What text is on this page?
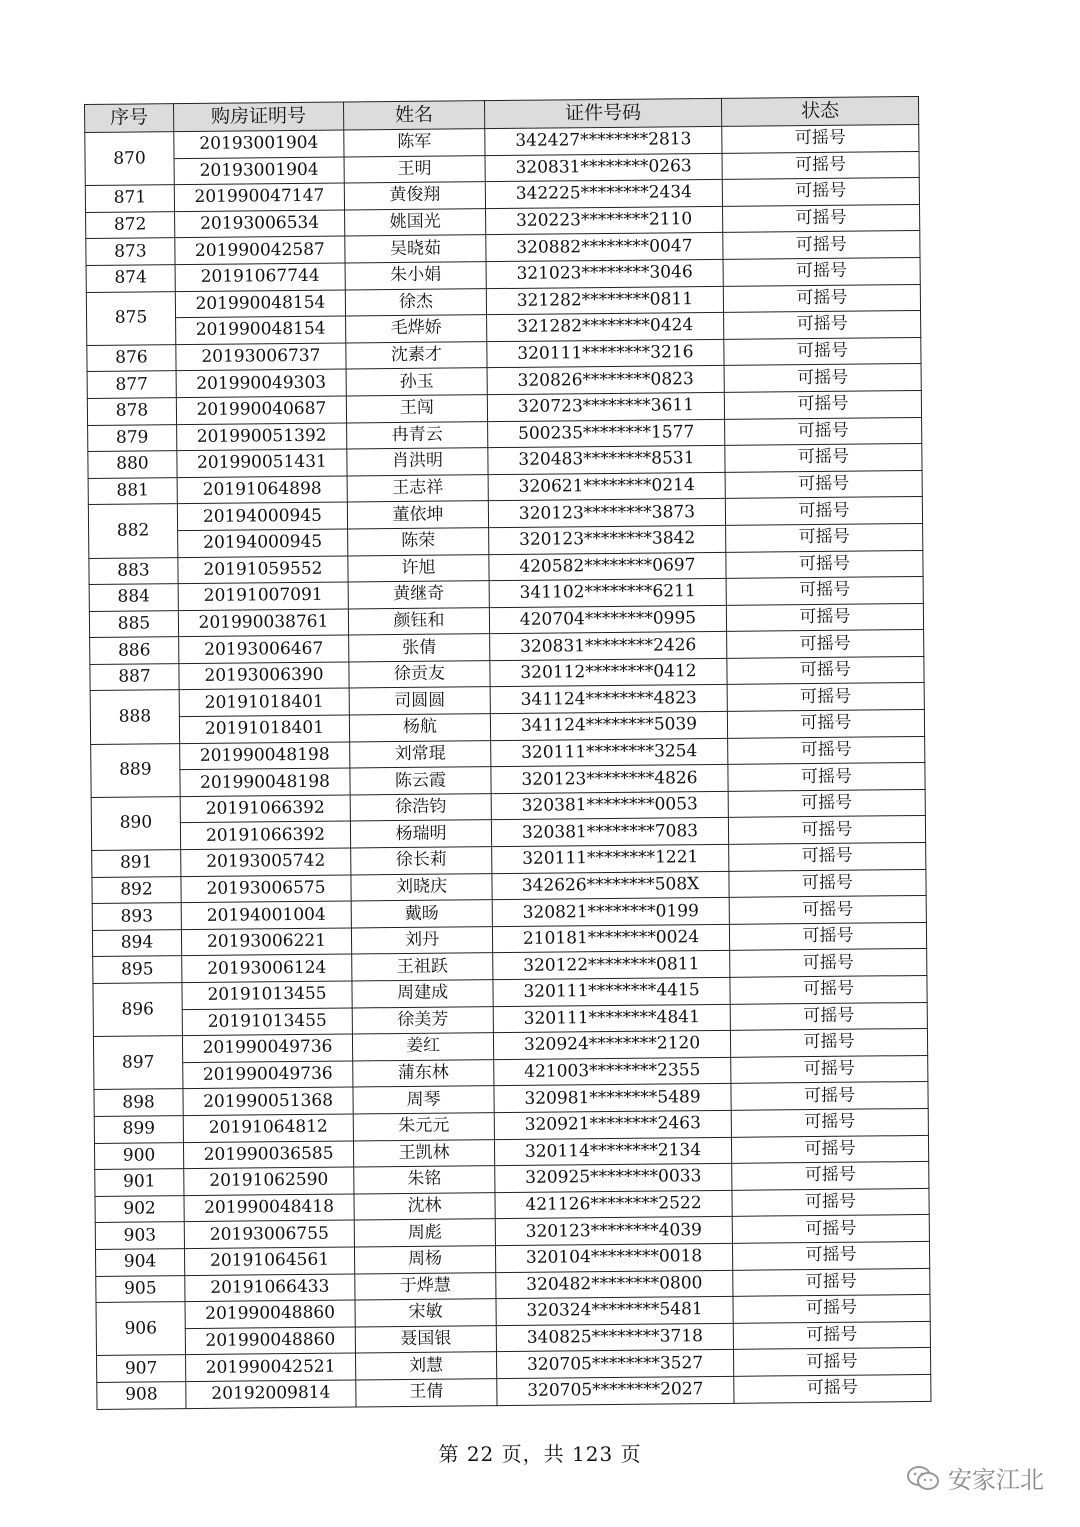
序号	购房证明号	姓名	证件号码	状态
870	20193001904	陈军	342427********2813	可摇号
	20193001904	王明	320831********0263	可摇号
871	201990047147	黄俊翔	342225********2434	可摇号
872	20193006534	姚国光	320223********2110	可摇号
873	201990042587	吴晓茹	320882********0047	可摇号
874	20191067744	朱小娟	321023********3046	可摇号
875	201990048154	徐杰	321282********0811	可摇号
	201990048154	毛烨娇	321282********0424	可摇号
876	20193006737	沈素才	320111********3216	可摇号
877	201990049303	孙玉	320826********0823	可摇号
878	201990040687	王闯	320723********3611	可摇号
879	201990051392	冉青云	500235********1577	可摇号
880	201990051431	肖洪明	320483********8531	可摇号
881	20191064898	王志祥	320621********0214	可摇号
882	20194000945	董依坤	320123********3873	可摇号
	20194000945	陈荣	320123********3842	可摇号
883	20191059552	许旭	420582********0697	可摇号
884	20191007091	黄继奇	341102********6211	可摇号
885	201990038761	颜钰和	420704********0995	可摇号
886	20193006467	张倩	320831********2426	可摇号
887	20193006390	徐贡友	320112********0412	可摇号
888	20191018401	司圆圆	341124********4823	可摇号
	20191018401	杨航	341124********5039	可摇号
889	201990048198	刘常琨	320111********3254	可摇号
	201990048198	陈云霞	320123********4826	可摇号
890	20191066392	徐浩钧	320381********0053	可摇号
	20191066392	杨瑞明	320381********7083	可摇号
891	20193005742	徐长莉	320111********1221	可摇号
892	20193006575	刘晓庆	342626********508X	可摇号
893	20194001004	戴旸	320821********0199	可摇号
894	20193006221	刘丹	210181********0024	可摇号
895	20193006124	王祖跃	320122********0811	可摇号
896	20191013455	周建成	320111********4415	可摇号
	20191013455	徐美芳	320111********4841	可摇号
897	201990049736	姜红	320924********2120	可摇号
	201990049736	蒲东林	421003********2355	可摇号
898	201990051368	周琴	320981********5489	可摇号
899	20191064812	朱元元	320921********2463	可摇号
900	201990036585	王凯林	320114********2134	可摇号
901	20191062590	朱铭	320925********0033	可摇号
902	201990048418	沈林	421126********2522	可摇号
903	20193006755	周彪	320123********4039	可摇号
904	20191064561	周杨	320104********0018	可摇号
905	20191066433	于烨慧	320482********0800	可摇号
906	201990048860	宋敏	320324********5481	可摇号
	201990048860	聂国银	340825********3718	可摇号
907	201990042521	刘慧	320705********3527	可摇号
908	20192009814	王倩	320705********2027	可摇号
第 22 页，共 123 页
安家江北
